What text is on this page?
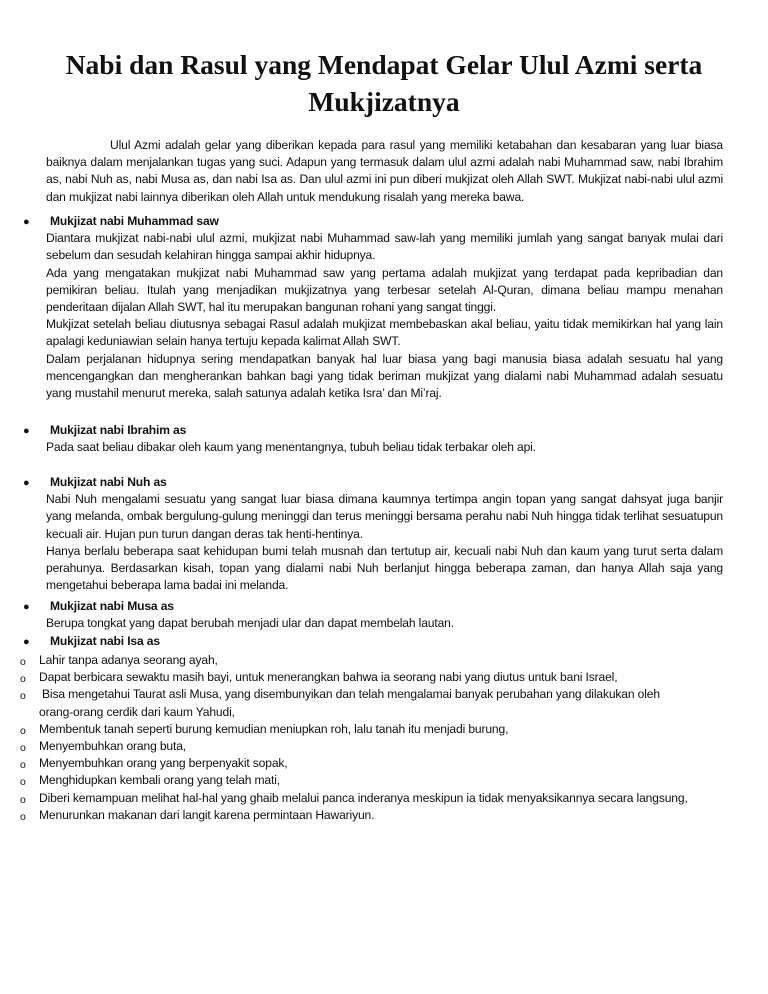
Nabi dan Rasul yang Mendapat Gelar Ulul Azmi serta Mukjizatnya

Ulul Azmi adalah gelar yang diberikan kepada para rasul yang memiliki ketabahan dan kesabaran yang luar biasa baiknya dalam menjalankan tugas yang suci. Adapun yang termasuk dalam ulul azmi adalah nabi Muhammad saw, nabi Ibrahim as, nabi Nuh as, nabi Musa as, dan nabi Isa as. Dan ulul azmi ini pun diberi mukjizat oleh Allah SWT. Mukjizat nabi-nabi ulul azmi dan mukjizat nabi lainnya diberikan oleh Allah untuk mendukung risalah yang mereka bawa.

●	Mukjizat nabi Muhammad saw

Diantara mukjizat nabi-nabi ulul azmi, mukjizat nabi Muhammad saw-lah yang memiliki jumlah yang sangat banyak mulai dari sebelum dan sesudah kelahiran hingga sampai akhir hidupnya.

Ada yang mengatakan mukjizat nabi Muhammad saw yang pertama adalah mukjizat yang terdapat pada kepribadian dan pemikiran beliau. Itulah yang menjadikan mukjizatnya yang terbesar setelah Al-Quran, dimana beliau mampu menahan penderitaan dijalan Allah SWT, hal itu merupakan bangunan rohani yang sangat tinggi.

Mukjizat setelah beliau diutusnya sebagai Rasul adalah mukjizat membebaskan akal beliau, yaitu tidak memikirkan hal yang lain apalagi keduniawian selain hanya tertuju kepada kalimat Allah SWT.

Dalam perjalanan hidupnya sering mendapatkan banyak hal luar biasa yang bagi manusia biasa adalah sesuatu hal yang mencengangkan dan mengherankan bahkan bagi yang tidak beriman mukjizat yang dialami nabi Muhammad adalah sesuatu yang mustahil menurut mereka, salah satunya adalah ketika Isra’ dan Mi’raj.

●	Mukjizat nabi Ibrahim as

Pada saat beliau dibakar oleh kaum yang menentangnya, tubuh beliau tidak terbakar oleh api.

●	Mukjizat nabi Nuh as

Nabi Nuh mengalami sesuatu yang sangat luar biasa dimana kaumnya tertimpa angin topan yang sangat dahsyat juga banjir yang melanda, ombak bergulung-gulung meninggi dan terus meninggi bersama perahu nabi Nuh hingga tidak terlihat sesuatupun kecuali air. Hujan pun turun dangan deras tak henti-hentinya.

Hanya berlalu beberapa saat kehidupan bumi telah musnah dan tertutup air, kecuali nabi Nuh dan kaum yang turut serta dalam perahunya. Berdasarkan kisah, topan yang dialami nabi Nuh berlanjut hingga beberapa zaman, dan hanya Allah saja yang mengetahui beberapa lama badai ini melanda.

●	Mukjizat nabi Musa as

Berupa tongkat yang dapat berubah menjadi ular dan dapat membelah lautan.

●	Mukjizat nabi Isa as
o Lahir tanpa adanya seorang ayah,
o Dapat berbicara sewaktu masih bayi, untuk menerangkan bahwa ia seorang nabi yang diutus untuk bani Israel,
o Bisa mengetahui Taurat asli Musa, yang disembunyikan dan telah mengalamai banyak perubahan yang dilakukan oleh
orang-orang cerdik dari kaum Yahudi,
o Membentuk tanah seperti burung kemudian meniupkan roh, lalu tanah itu menjadi burung,
o Menyembuhkan orang buta,
o Menyembuhkan orang yang berpenyakit sopak,
o Menghidupkan kembali orang yang telah mati,
o Diberi kemampuan melihat hal-hal yang ghaib melalui panca inderanya meskipun ia tidak menyaksikannya secara langsung,
o Menurunkan makanan dari langit karena permintaan Hawariyun.
